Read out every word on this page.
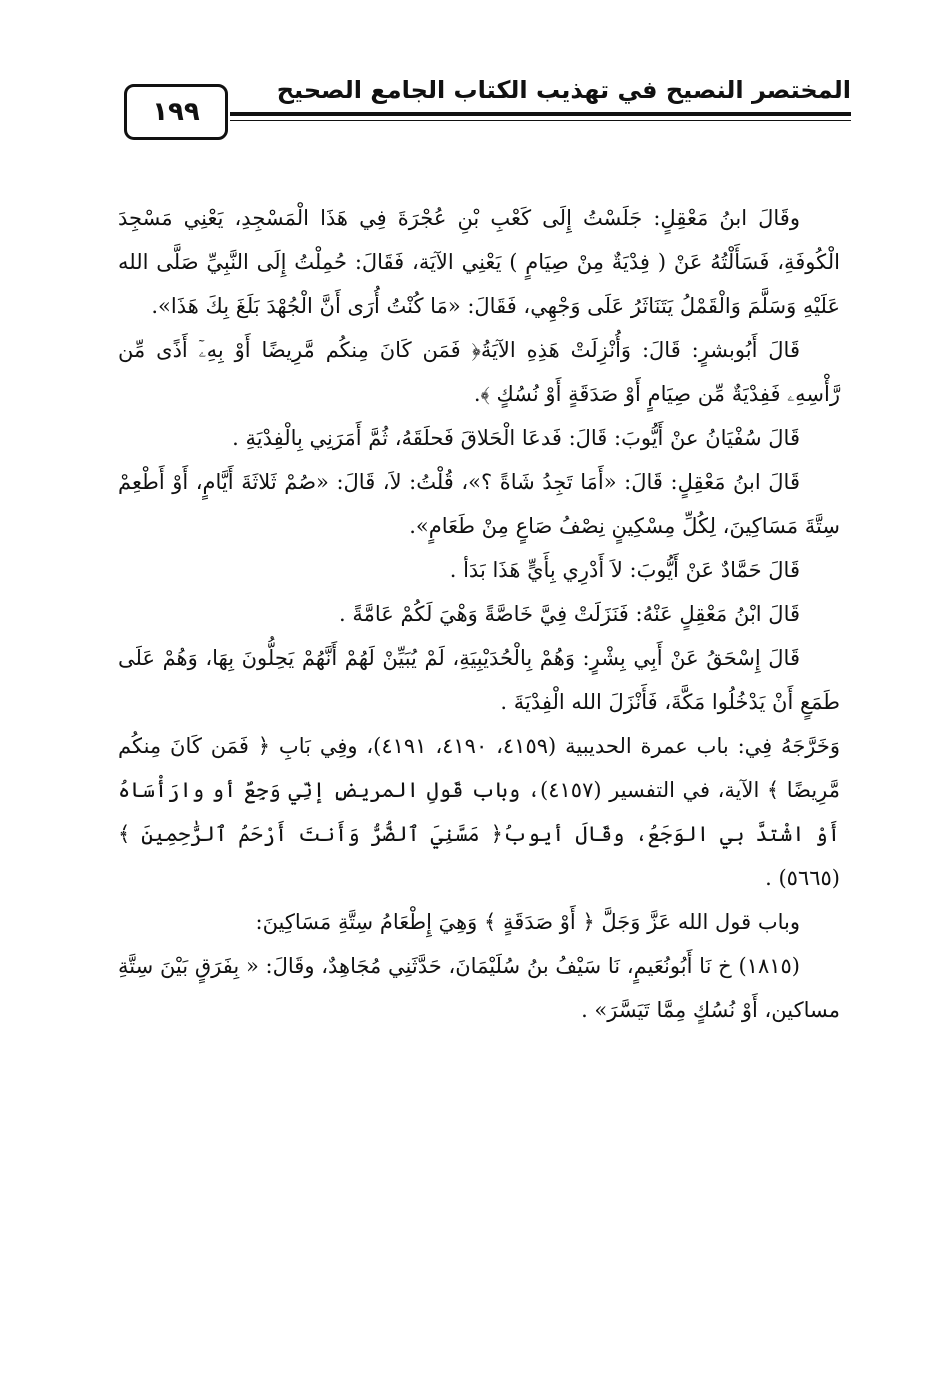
المختصر النصيح في تهذيب الكتاب الجامع الصحيح
١٩٩

وقَالَ ابنُ مَعْقِلٍ: جَلَسْتُ إِلَى كَعْبِ بْنِ عُجْرَةَ فِي هَذَا الْمَسْجِدِ، يَعْنِي مَسْجِدَ الْكُوفَةِ، فَسَأَلْتُهُ عَنْ ( فِدْيَةٌ مِنْ صِيَامٍ ) يَعْنِي الآيَة، فَقَالَ: حُمِلْتُ إِلَى النَّبِيِّ صَلَّى الله عَلَيْهِ وَسَلَّمَ وَالْقَمْلُ يَتَنَاثَرُ عَلَى وَجْهِي، فَقَالَ: «مَا كُنْتُ أُرَى أَنَّ الْجُهْدَ بَلَغَ بِكَ هَذَا».

قَالَ أَبُوبشرٍ: قَالَ: وَأُنْزِلَتْ هَذِهِ الآيَةُ﴿ فَمَن كَانَ مِنكُم مَّرِيضًا أَوْ بِهِۦٓ أَذًى مِّن رَّأْسِهِۦ فَفِدْيَةٌ مِّن صِيَامٍ أَوْ صَدَقَةٍ أَوْ نُسُكٍ ﴾.

قَالَ سُفْيَانُ عنْ أَيُّوبَ: قَالَ: فَدعَا الْحَلاقَ فَحلَقَهُ، ثُمَّ أَمَرَنِي بِالْفِدْيَةِ .

قَالَ ابنُ مَعْقِلٍ: قَالَ: «أَمَا تَجِدُ شَاةً ؟»، قُلْتُ: لاَ، قَالَ: «صُمْ ثَلاثَةَ أَيَّامٍ، أَوْ أَطْعِمْ سِتَّةَ مَسَاكِينَ، لِكُلِّ مِسْكِينٍ نِصْفُ صَاعٍ مِنْ طَعَامٍ».

قَالَ حَمَّادٌ عَنْ أَيُّوبَ: لاَ أَدْرِي بِأَيٍّ هَذَا بَدَأ .

قَالَ ابْنُ مَعْقِلٍ عَنْهُ: فَنَزَلَتْ فِيَّ خَاصَّةً وَهْيَ لَكُمْ عَامَّةً .

قَالَ إِسْحَقُ عَنْ أَبِي بِشْرٍ: وَهُمْ بِالْحُدَيْبِيَةِ، لَمْ يُبَيِّنْ لَهُمْ أَنَّهُمْ يَحِلُّونَ بِهَا، وَهُمْ عَلَى طَمَعٍ أَنْ يَدْخُلُوا مَكَّةَ، فَأَنْزَلَ الله الْفِدْيَةَ .

وَخَرَّجَهُ فِي: باب عمرة الحديبية (٤١٥٩، ٤١٩٠، ٤١٩١)، وفِي بَابِ ﴿ فَمَن كَانَ مِنكُم مَّرِيضًا ﴾ الآية، في التفسير (٤١٥٧)، وباب قَولِ المريضِ إنِّي وَجِعٌ أو وارَأْسَاهُ أَوْ اشْتدَّ بي الوَجَعُ، وقَالَ أيوبُ﴿ مَسَّنِيَ ٱلضُّرُّ وَأَنتَ أَرْحَمُ ٱلرَّٰحِمِينَ ﴾ (٥٦٦٥) .

وباب قول الله عَزَّ وَجَلَّ ﴿ أَوْ صَدَقَةٍ ﴾ وَهِيَ إِطْعَامُ سِتَّةِ مَسَاكِينَ:

(١٨١٥) خ نَا أَبُونُعَيمٍ، نَا سَيْفُ بنُ سُلَيْمَانَ، حَدَّثَنِي مُجَاهِدٌ، وقَالَ: « بِفَرَقٍ بَيْنَ سِتَّةِ مساكين، أَوْ نُسُكٍ مِمَّا تَيَسَّرَ» .
